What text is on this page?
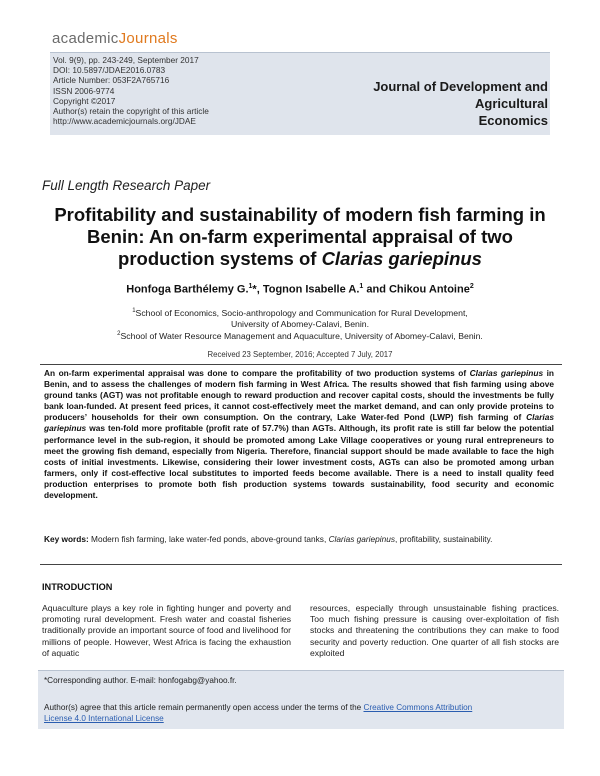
academicJournals
Vol. 9(9), pp. 243-249, September 2017
DOI: 10.5897/JDAE2016.0783
Article Number: 053F2A765716
ISSN 2006-9774
Copyright ©2017
Author(s) retain the copyright of this article
http://www.academicjournals.org/JDAE
Journal of Development and Agricultural
Economics
Full Length Research Paper
Profitability and sustainability of modern fish farming in
Benin: An on-farm experimental appraisal of two
production systems of Clarias gariepinus
Honfoga Barthélemy G.$^1$*, Tognon Isabelle A.$^1$ and Chikou Antoine$^2$
$^1$School of Economics, Socio-anthropology and Communication for Rural Development,
University of Abomey-Calavi, Benin.
$^2$School of Water Resource Management and Aquaculture, University of Abomey-Calavi, Benin.
Received 23 September, 2016; Accepted 7 July, 2017
An on-farm experimental appraisal was done to compare the profitability of two production systems of Clarias gariepinus in Benin, and to assess the challenges of modern fish farming in West Africa. The results showed that fish farming using above ground tanks (AGT) was not profitable enough to reward production and recover capital costs, should the investments be fully bank loan-funded. At present feed prices, it cannot cost-effectively meet the market demand, and can only provide proteins to producers’ households for their own consumption. On the contrary, Lake Water-fed Pond (LWP) fish farming of Clarias gariepinus was ten-fold more profitable (profit rate of 57.7%) than AGTs. Although, its profit rate is still far below the potential performance level in the sub-region, it should be promoted among Lake Village cooperatives or young rural entrepreneurs to meet the growing fish demand, especially from Nigeria. Therefore, financial support should be made available to face the high costs of initial investments. Likewise, considering their lower investment costs, AGTs can also be promoted among urban farmers, only if cost-effective local substitutes to imported feeds become available. There is a need to install quality feed production enterprises to promote both fish production systems towards sustainability, food security and economic development.
Key words: Modern fish farming, lake water-fed ponds, above-ground tanks, Clarias gariepinus, profitability, sustainability.
INTRODUCTION
Aquaculture plays a key role in fighting hunger and poverty and promoting rural development. Fresh water and coastal fisheries traditionally provide an important source of food and livelihood for millions of people. However, West Africa is facing the exhaustion of aquatic
resources, especially through unsustainable fishing practices. Too much fishing pressure is causing over-exploitation of fish stocks and threatening the contributions they can make to food security and poverty reduction. One quarter of all fish stocks are exploited
*Corresponding author. E-mail: honfogabg@yahoo.fr.
Author(s) agree that this article remain permanently open access under the terms of the Creative Commons Attribution
License 4.0 International License
